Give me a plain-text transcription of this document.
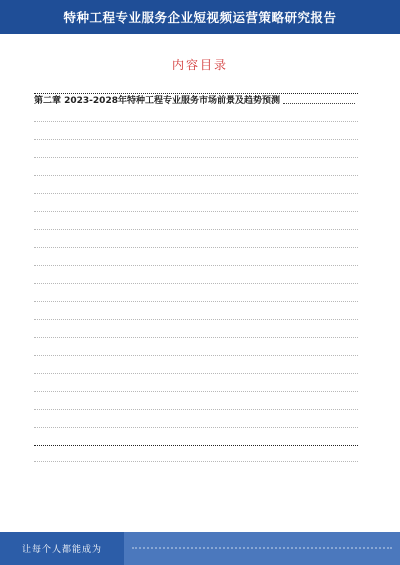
特种工程专业服务企业短视频运营策略研究报告
内容目录
第二章 2023-2028年特种工程专业服务市场前景及趋势预测
让每个人都能成为
